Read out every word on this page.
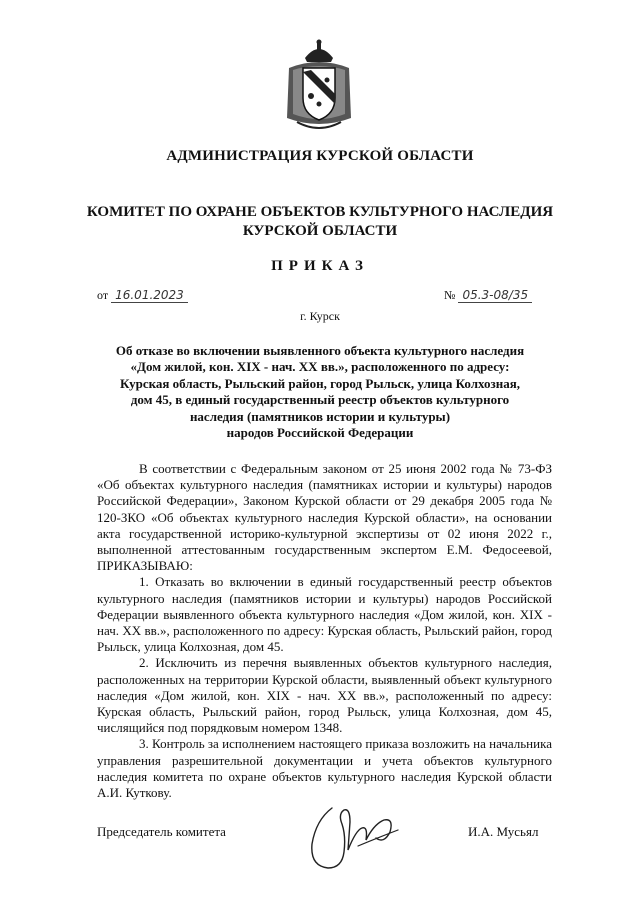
АДМИНИСТРАЦИЯ КУРСКОЙ ОБЛАСТИ
КОМИТЕТ ПО ОХРАНЕ ОБЪЕКТОВ КУЛЬТУРНОГО НАСЛЕДИЯ
КУРСКОЙ ОБЛАСТИ
ПРИКАЗ
от 16.01.2023	№ 05.3-08/35
г. Курск
Об отказе во включении выявленного объекта культурного наследия
«Дом жилой, кон. XIX - нач. XX вв.», расположенного по адресу:
Курская область, Рыльский район, город Рыльск, улица Колхозная,
дом 45, в единый государственный реестр объектов культурного
наследия (памятников истории и культуры)
народов Российской Федерации

В соответствии с Федеральным законом от 25 июня 2002 года № 73-ФЗ «Об объектах культурного наследия (памятниках истории и культуры) народов Российской Федерации», Законом Курской области от 29 декабря 2005 года № 120-ЗКО «Об объектах культурного наследия Курской области», на основании акта государственной историко-культурной экспертизы от 02 июня 2022 г., выполненной аттестованным государственным экспертом Е.М. Федосеевой, ПРИКАЗЫВАЮ:

1. Отказать во включении в единый государственный реестр объектов культурного наследия (памятников истории и культуры) народов Российской Федерации выявленного объекта культурного наследия «Дом жилой, кон. XIX - нач. XX вв.», расположенного по адресу: Курская область, Рыльский район, город Рыльск, улица Колхозная, дом 45.

2. Исключить из перечня выявленных объектов культурного наследия, расположенных на территории Курской области, выявленный объект культурного наследия «Дом жилой, кон. XIX - нач. XX вв.», расположенный по адресу: Курская область, Рыльский район, город Рыльск, улица Колхозная, дом 45, числящийся под порядковым номером 1348.

3. Контроль за исполнением настоящего приказа возложить на начальника управления разрешительной документации и учета объектов культурного наследия комитета по охране объектов культурного наследия Курской области А.И. Куткову.

Председатель комитета	И.А. Мусьял
